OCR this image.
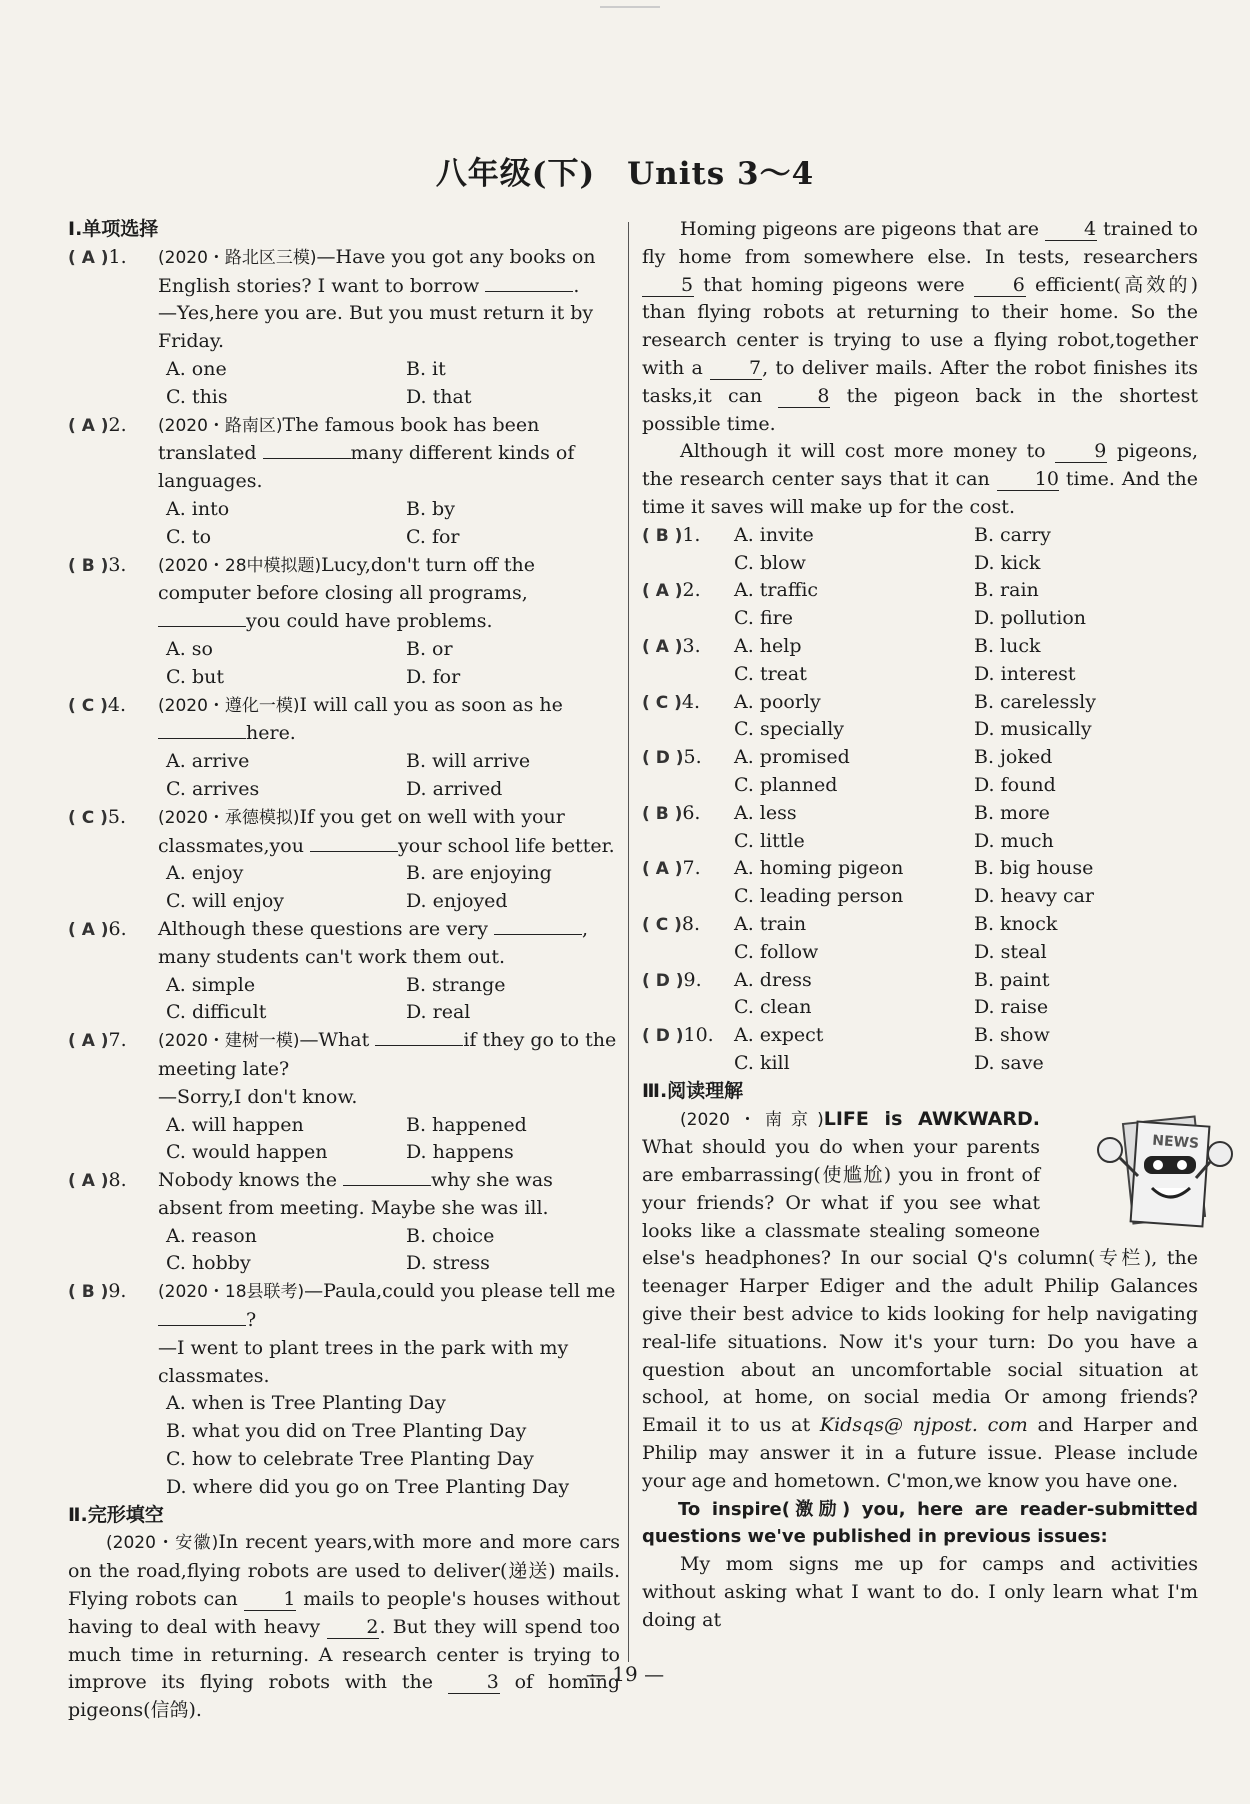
八年级(下)　Units 3～4
Ⅰ.单项选择
( A )1. (2020・路北区三模)—Have you got any books on English stories? I want to borrow	.
—Yes,here you are. But you must return it by Friday.
A. one	B. it
C. this	D. that
( A )2. (2020・路南区)The famous book has been translated	many different kinds of languages.
A. into	B. by
C. to	C. for
( B )3. (2020・28中模拟题)Lucy,don't turn off the computer before closing all programs, you could have problems.
A. so	B. or
C. but	D. for
( C )4. (2020・遵化一模)I will call you as soon as he here.
A. arrive	B. will arrive
C. arrives	D. arrived
( C )5. (2020・承德模拟)If you get on well with your classmates,you	your school life better.
A. enjoy	B. are enjoying
C. will enjoy	D. enjoyed
( A )6. Although these questions are very	, many students can't work them out.
A. simple	B. strange
C. difficult	D. real
( A )7. (2020・建树一模)—What	if they go to the meeting late?
—Sorry,I don't know.
A. will happen	B. happened
C. would happen	D. happens
( A )8. Nobody knows the	why she was absent from meeting. Maybe she was ill.
A. reason	B. choice
C. hobby	D. stress
( B )9. (2020・18县联考)—Paula,could you please tell me ?
—I went to plant trees in the park with my classmates.
A. when is Tree Planting Day
B. what you did on Tree Planting Day
C. how to celebrate Tree Planting Day
D. where did you go on Tree Planting Day
Ⅱ.完形填空
(2020・安徽)In recent years,with more and more cars on the road,flying robots are used to deliver(递送) mails. Flying robots can 1 mails to people's houses without having to deal with heavy 2. But they will spend too much time in returning. A research center is trying to improve its flying robots with the	3 of homing pigeons(信鸽).
Homing pigeons are pigeons that are 4 trained to fly home from somewhere else. In tests, researchers 5 that homing pigeons were	6 efficient(高效的) than flying robots at returning to their home. So the research center is trying to use a flying robot,together with a 7, to deliver mails. After the robot finishes its tasks,it can	8 the pigeon back in the shortest possible time.
Although it will cost more money to	9 pigeons, the research center says that it can 10 time. And the time it saves will make up for the cost.
( B )1. A. invite	B. carry
C. blow	D. kick
( A )2. A. traffic	B. rain
C. fire	D. pollution
( A )3. A. help	B. luck
C. treat	D. interest
( C )4. A. poorly	B. carelessly
C. specially	D. musically
( D )5. A. promised	B. joked
C. planned	D. found
( B )6. A. less	B. more
C. little	D. much
( A )7. A. homing pigeon	B. big house
C. leading person	D. heavy car
( C )8. A. train	B. knock
C. follow	D. steal
( D )9. A. dress	B. paint
C. clean	D. raise
( D )10. A. expect	B. show
C. kill	D. save
Ⅲ.阅读理解
NEWS
(2020・南京)LIFE is AWKWARD. What should you do when your parents are embarrassing(使尴尬) you in front of your friends? Or what if you see what looks like a classmate stealing someone else's headphones? In our social Q's column(专栏), the teenager Harper Ediger and the adult Philip Galances give their best advice to kids looking for help navigating real-life situations. Now it's your turn: Do you have a question about an uncomfortable social situation at school, at home, on social media Or among friends? Email it to us at Kidsqs@ njpost. com and Harper and Philip may answer it in a future issue. Please include your age and hometown. C'mon,we know you have one.
To inspire(激励) you, here are reader-submitted questions we've published in previous issues:
My mom signs me up for camps and activities without asking what I want to do. I only learn what I'm doing at
— 19 —
